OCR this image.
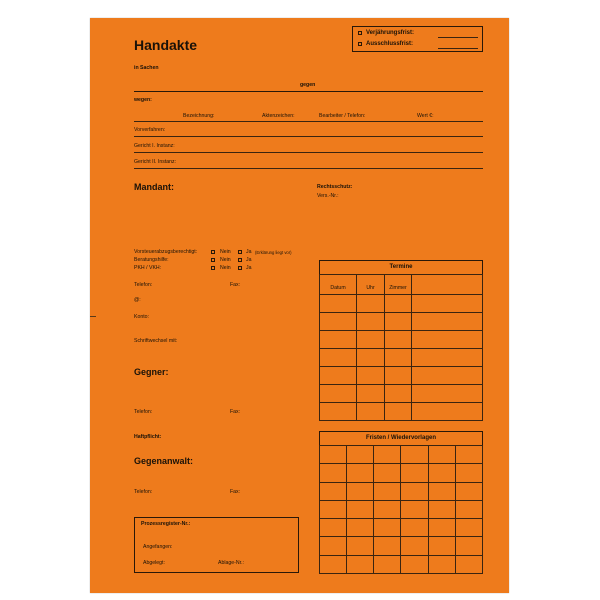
Handakte
Verjährungsfrist:
Ausschlussfrist:
in Sachen
gegen
wegen:
Bezeichnung:	Aktenzeichen:	Bearbeiter / Telefon:	Wert €:
Vorverfahren:
Gericht I. Instanz:
Gericht II. Instanz:
Mandant:	Rechtsschutz:
Vers.-Nr.:
Vorsteuerabzugsberechtigt:	Nein	Ja (Erklärung liegt vor)
Beratungshilfe:	Nein	Ja
PKH / VKH:	Nein	Ja
Telefon:	Fax:
@:
Konto:
Schriftwechsel mit:
Gegner:
Telefon:	Fax:
Haftpflicht:
Gegenanwalt:
Telefon:	Fax:
Prozessregister-Nr.:
Angefangen:
Abgelegt:	Ablage-Nr.:
Termine
Datum	Uhr	Zimmer	

Fristen / Wiedervorlagen
